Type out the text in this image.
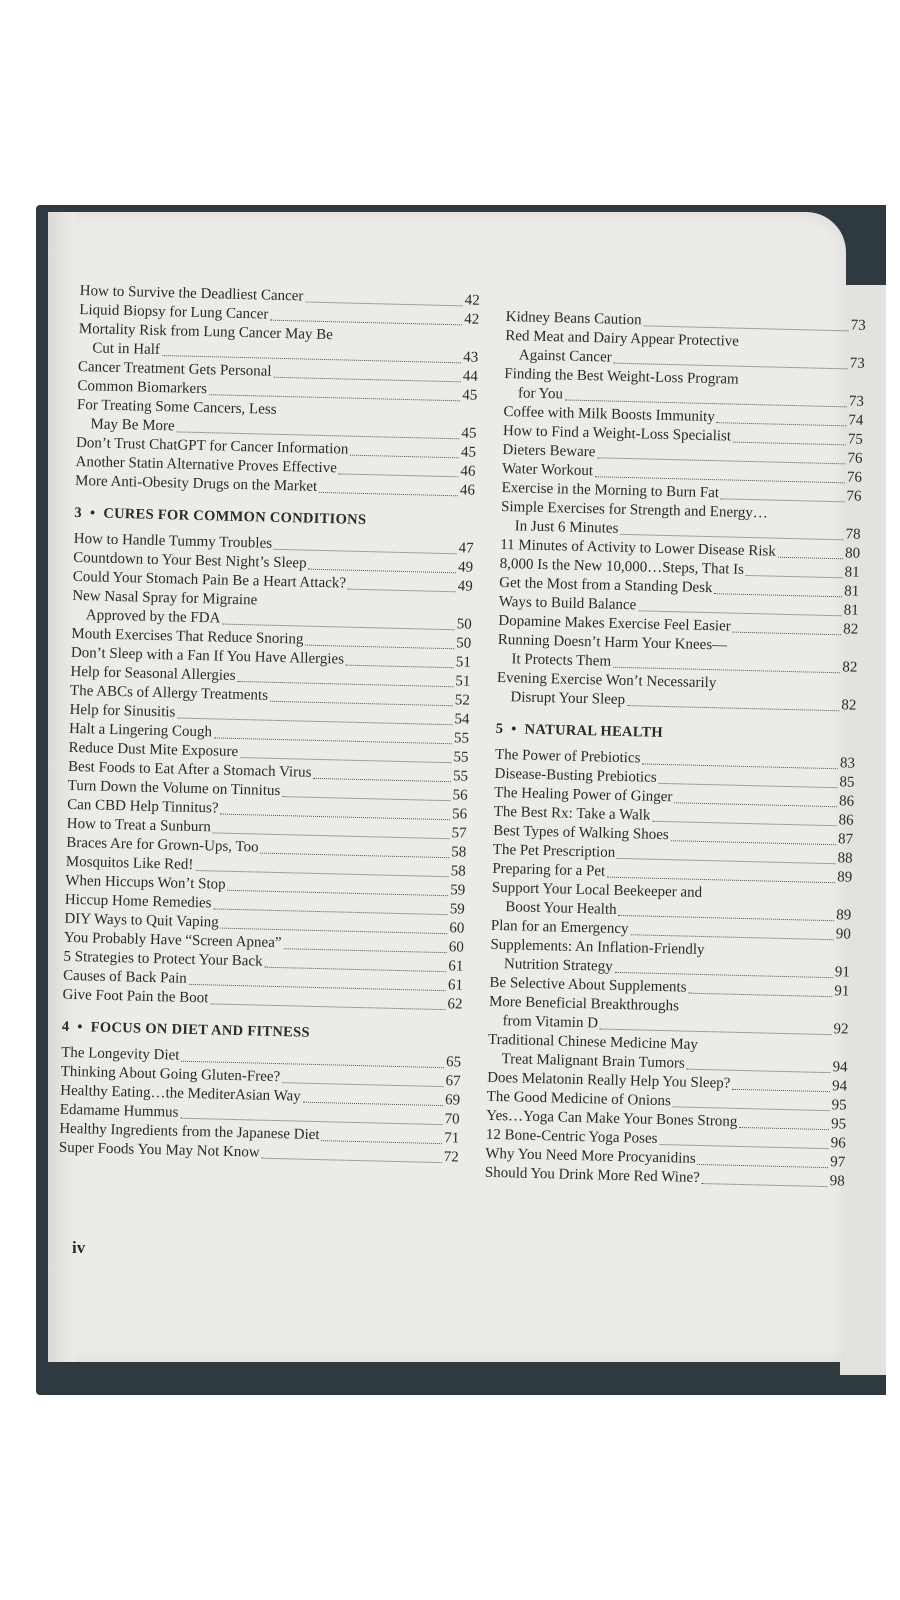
How to Survive the Deadliest Cancer	42
Liquid Biopsy for Lung Cancer	42
Mortality Risk from Lung Cancer May Be
Cut in Half	43
Cancer Treatment Gets Personal	44
Common Biomarkers	45
For Treating Some Cancers, Less
May Be More	45
Don’t Trust ChatGPT for Cancer Information	45
Another Statin Alternative Proves Effective	46
More Anti-Obesity Drugs on the Market	46
3 • CURES FOR COMMON CONDITIONS
How to Handle Tummy Troubles	47
Countdown to Your Best Night’s Sleep	49
Could Your Stomach Pain Be a Heart Attack?	49
New Nasal Spray for Migraine
Approved by the FDA	50
Mouth Exercises That Reduce Snoring	50
Don’t Sleep with a Fan If You Have Allergies	51
Help for Seasonal Allergies	51
The ABCs of Allergy Treatments	52
Help for Sinusitis	54
Halt a Lingering Cough	55
Reduce Dust Mite Exposure	55
Best Foods to Eat After a Stomach Virus	55
Turn Down the Volume on Tinnitus	56
Can CBD Help Tinnitus?	56
How to Treat a Sunburn	57
Braces Are for Grown-Ups, Too	58
Mosquitos Like Red!	58
When Hiccups Won’t Stop	59
Hiccup Home Remedies	59
DIY Ways to Quit Vaping	60
You Probably Have “Screen Apnea”	60
5 Strategies to Protect Your Back	61
Causes of Back Pain	61
Give Foot Pain the Boot	62
4 • FOCUS ON DIET AND FITNESS
The Longevity Diet	65
Thinking About Going Gluten-Free?	67
Healthy Eating…the MediterAsian Way	69
Edamame Hummus	70
Healthy Ingredients from the Japanese Diet	71
Super Foods You May Not Know	72
Kidney Beans Caution	73
Red Meat and Dairy Appear Protective
Against Cancer	73
Finding the Best Weight-Loss Program
for You	73
Coffee with Milk Boosts Immunity	74
How to Find a Weight-Loss Specialist	75
Dieters Beware	76
Water Workout	76
Exercise in the Morning to Burn Fat	76
Simple Exercises for Strength and Energy…
In Just 6 Minutes	78
11 Minutes of Activity to Lower Disease Risk	80
8,000 Is the New 10,000…Steps, That Is	81
Get the Most from a Standing Desk	81
Ways to Build Balance	81
Dopamine Makes Exercise Feel Easier	82
Running Doesn’t Harm Your Knees—
It Protects Them	82
Evening Exercise Won’t Necessarily
Disrupt Your Sleep	82
5 • NATURAL HEALTH
The Power of Prebiotics	83
Disease-Busting Prebiotics	85
The Healing Power of Ginger	86
The Best Rx: Take a Walk	86
Best Types of Walking Shoes	87
The Pet Prescription	88
Preparing for a Pet	89
Support Your Local Beekeeper and
Boost Your Health	89
Plan for an Emergency	90
Supplements: An Inflation-Friendly
Nutrition Strategy	91
Be Selective About Supplements	91
More Beneficial Breakthroughs
from Vitamin D	92
Traditional Chinese Medicine May
Treat Malignant Brain Tumors	94
Does Melatonin Really Help You Sleep?	94
The Good Medicine of Onions	95
Yes…Yoga Can Make Your Bones Strong	95
12 Bone-Centric Yoga Poses	96
Why You Need More Procyanidins	97
Should You Drink More Red Wine?	98
iv
